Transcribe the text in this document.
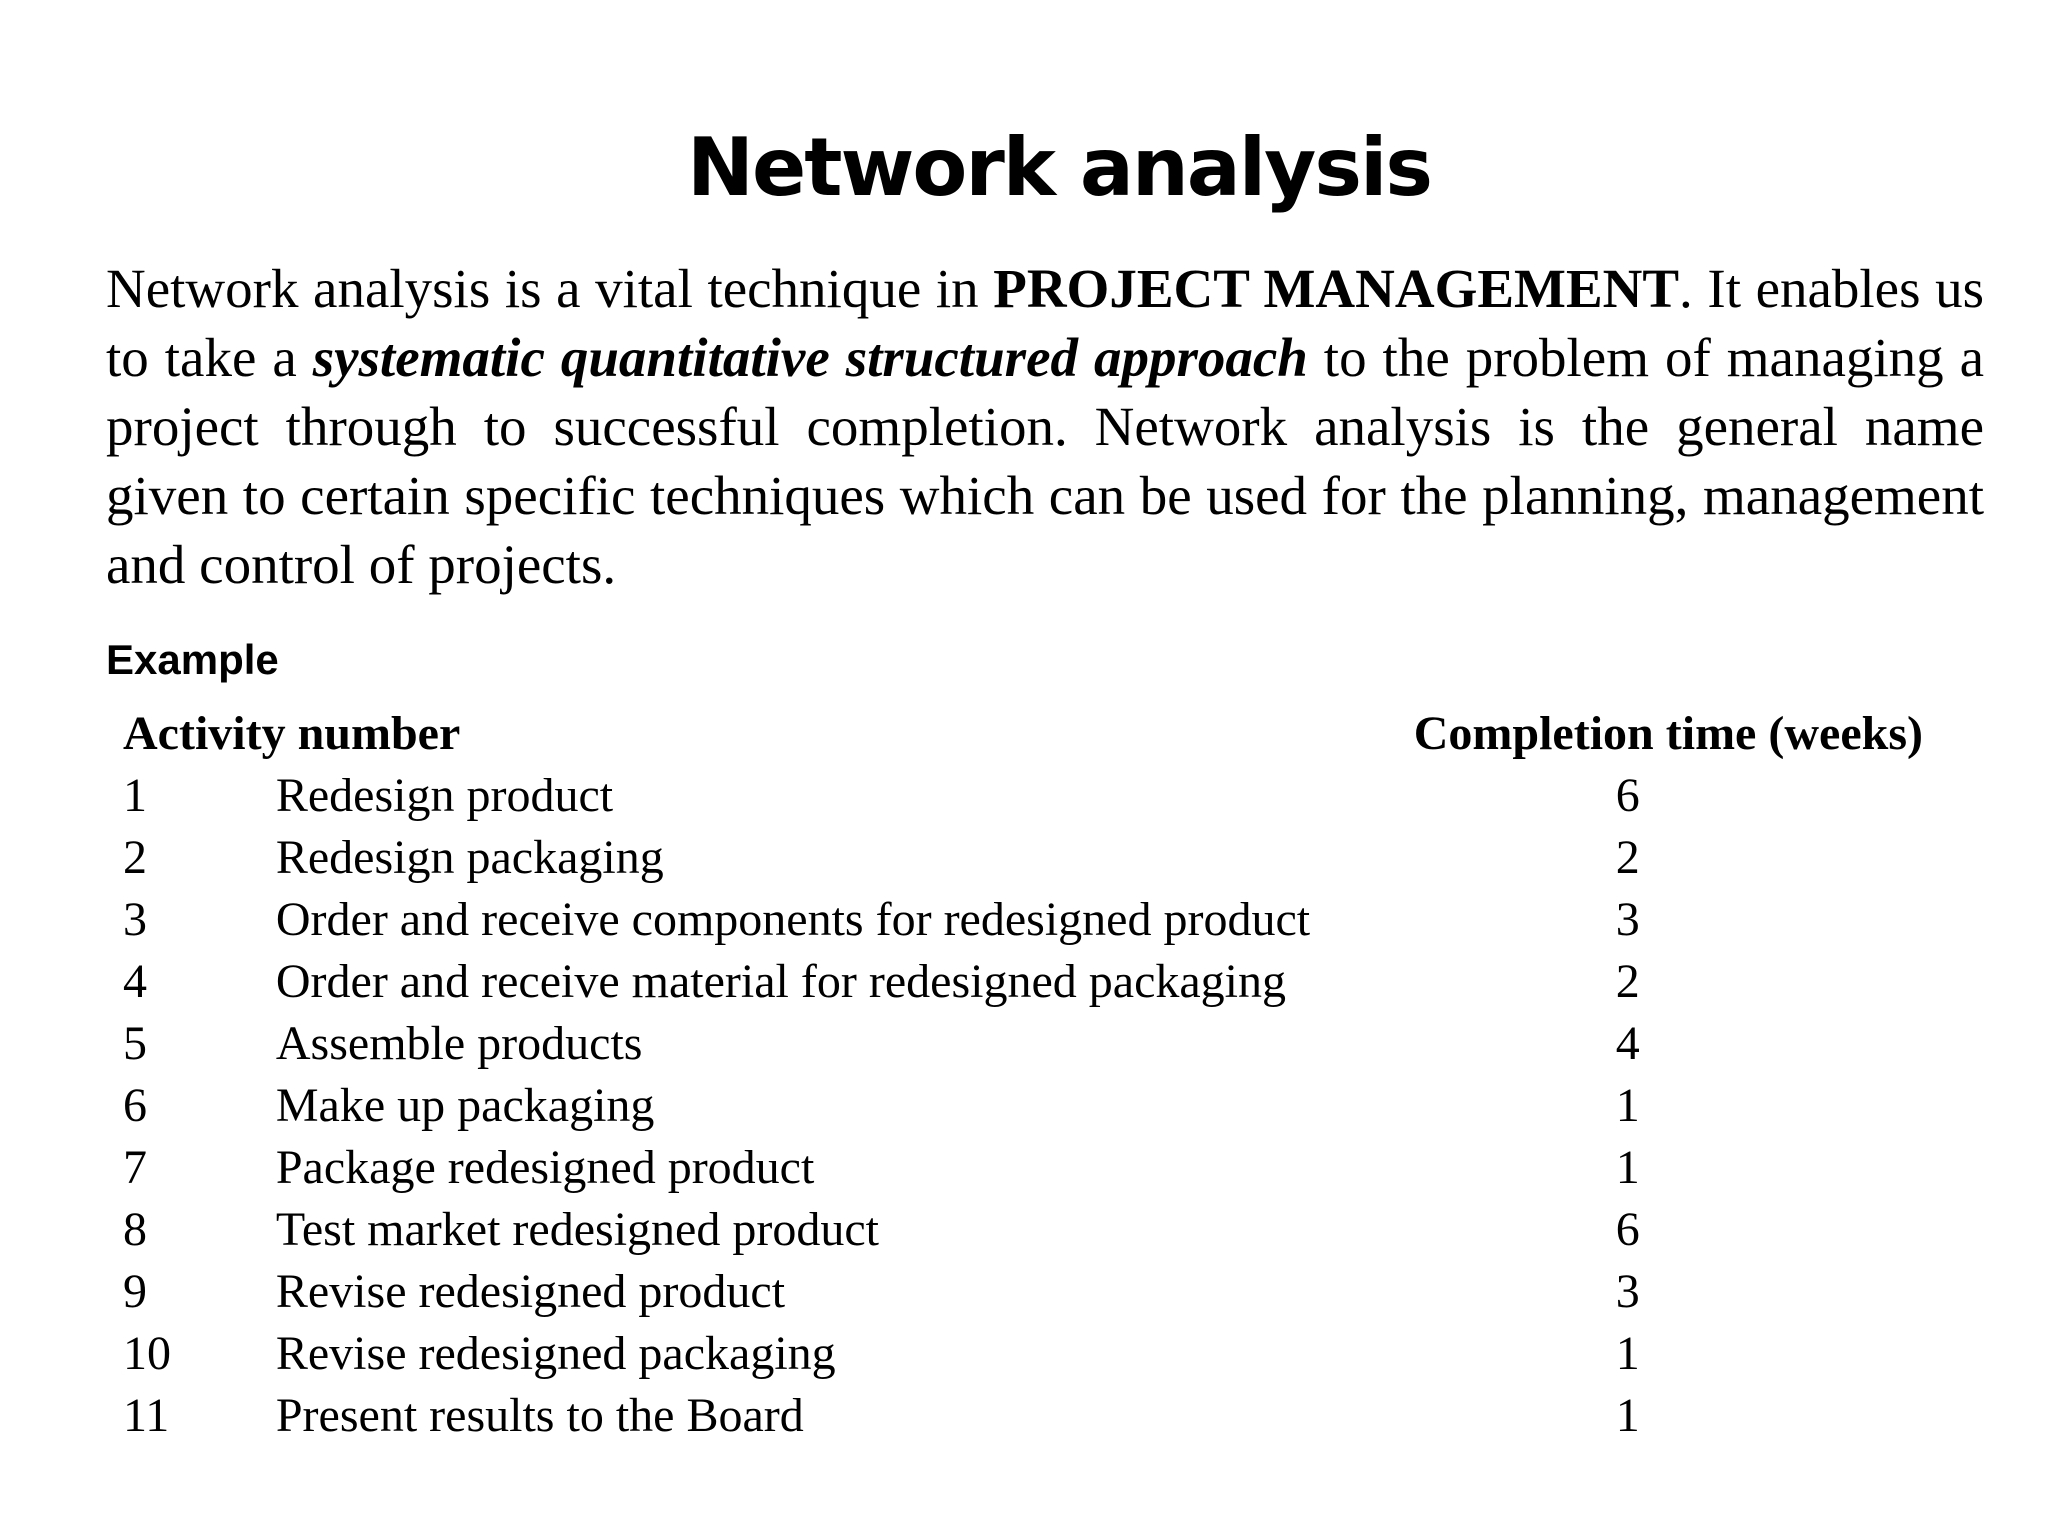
Network analysis

Network analysis is a vital technique in PROJECT MANAGEMENT. It enables us to take a systematic quantitative structured approach to the problem of managing a project through to successful completion. Network analysis is the general name given to certain specific techniques which can be used for the planning, management and control of projects.

Example

Activity number		Completion time (weeks)
1	Redesign product	6
2	Redesign packaging	2
3	Order and receive components for redesigned product	3
4	Order and receive material for redesigned packaging	2
5	Assemble products	4
6	Make up packaging	1
7	Package redesigned product	1
8	Test market redesigned product	6
9	Revise redesigned product	3
10	Revise redesigned packaging	1
11	Present results to the Board	1
